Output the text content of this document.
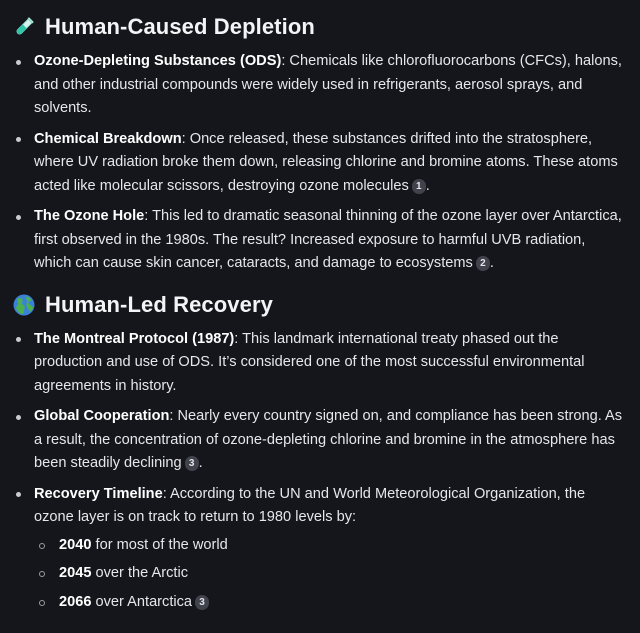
Human-Caused Depletion
Ozone-Depleting Substances (ODS): Chemicals like chlorofluorocarbons (CFCs), halons, and other industrial compounds were widely used in refrigerants, aerosol sprays, and solvents.
Chemical Breakdown: Once released, these substances drifted into the stratosphere, where UV radiation broke them down, releasing chlorine and bromine atoms. These atoms acted like molecular scissors, destroying ozone molecules 1 .
The Ozone Hole: This led to dramatic seasonal thinning of the ozone layer over Antarctica, first observed in the 1980s. The result? Increased exposure to harmful UVB radiation, which can cause skin cancer, cataracts, and damage to ecosystems 2 .
Human-Led Recovery
The Montreal Protocol (1987): This landmark international treaty phased out the production and use of ODS. It’s considered one of the most successful environmental agreements in history.
Global Cooperation: Nearly every country signed on, and compliance has been strong. As a result, the concentration of ozone-depleting chlorine and bromine in the atmosphere has been steadily declining 3 .
Recovery Timeline: According to the UN and World Meteorological Organization, the ozone layer is on track to return to 1980 levels by:
2040 for most of the world
2045 over the Arctic
2066 over Antarctica 3
